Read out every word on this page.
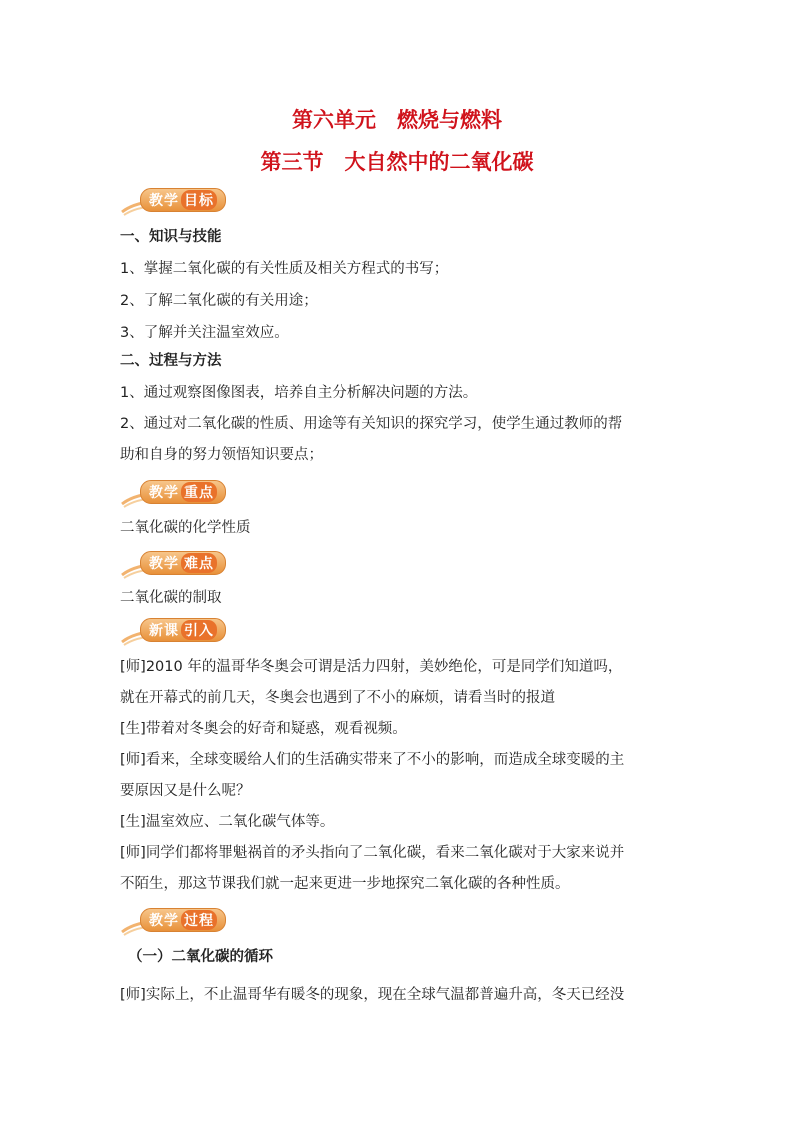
第六单元　燃烧与燃料
第三节　大自然中的二氧化碳
教学 目标
一、知识与技能
1、掌握二氧化碳的有关性质及相关方程式的书写；
2、了解二氧化碳的有关用途；
3、了解并关注温室效应。
二、过程与方法
1、通过观察图像图表，培养自主分析解决问题的方法。
2、通过对二氧化碳的性质、用途等有关知识的探究学习，使学生通过教师的帮
助和自身的努力领悟知识要点；
教学 重点
二氧化碳的化学性质
教学 难点
二氧化碳的制取
新课 引入
[师]2010 年的温哥华冬奥会可谓是活力四射，美妙绝伦，可是同学们知道吗，
就在开幕式的前几天，冬奥会也遇到了不小的麻烦，请看当时的报道
[生]带着对冬奥会的好奇和疑惑，观看视频。
[师]看来，全球变暖给人们的生活确实带来了不小的影响，而造成全球变暖的主
要原因又是什么呢？
[生]温室效应、二氧化碳气体等。
[师]同学们都将罪魁祸首的矛头指向了二氧化碳，看来二氧化碳对于大家来说并
不陌生，那这节课我们就一起来更进一步地探究二氧化碳的各种性质。
教学 过程
（一）二氧化碳的循环
[师]实际上，不止温哥华有暖冬的现象，现在全球气温都普遍升高，冬天已经没
